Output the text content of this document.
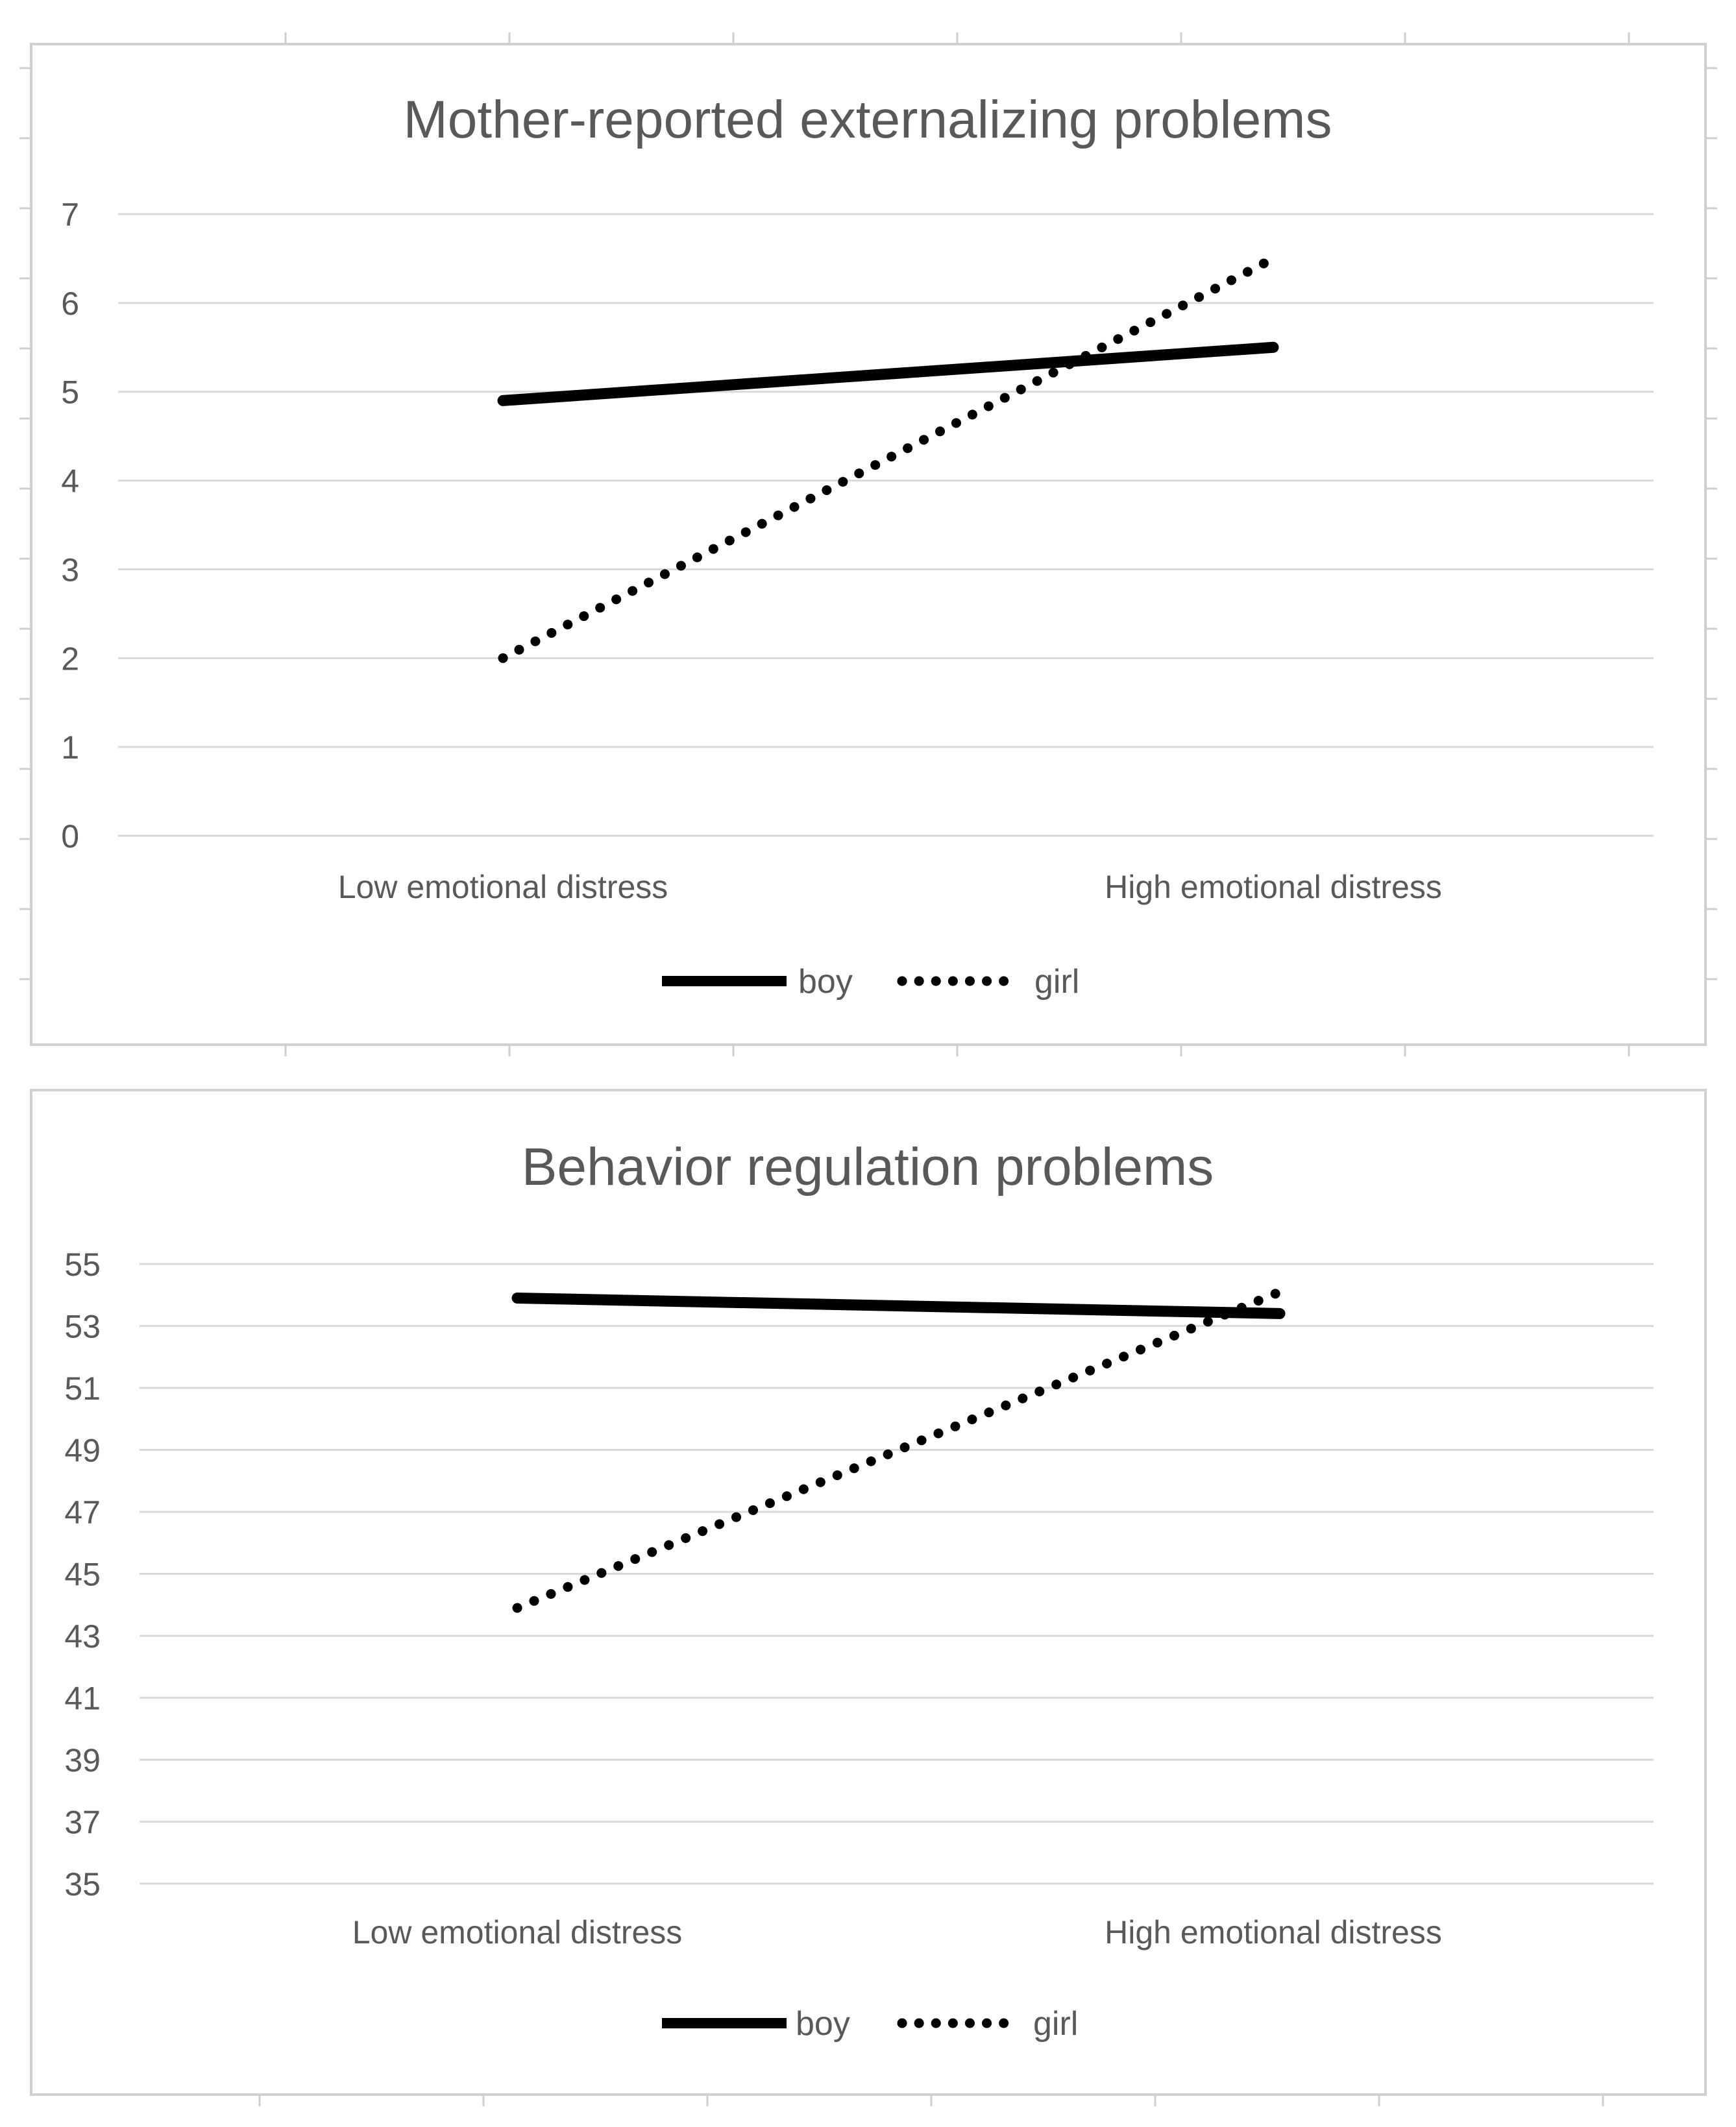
Mother-reported externalizing problems
0
1
2
3
4
5
6
7
Low emotional distress	High emotional distress
boy	girl
Behavior regulation problems
35
37
39
41
43
45
47
49
51
53
55
Low emotional distress	High emotional distress
boy	girl
